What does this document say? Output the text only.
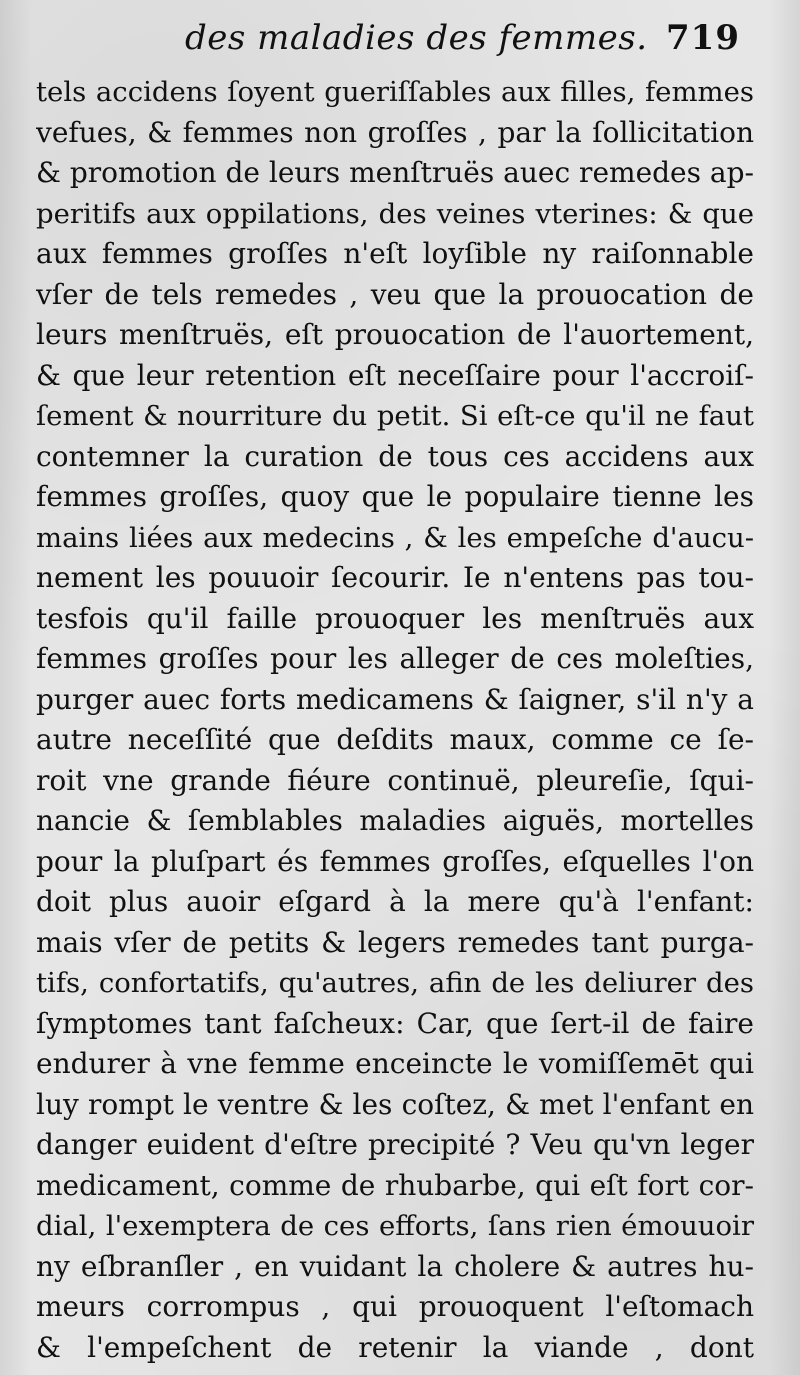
des maladies des femmes. 719
tels accidens ſoyent gueriſſables aux filles, femmes
vefues, & femmes non groſſes , par la ſollicitation
& promotion de leurs menſtruës auec remedes ap-
peritifs aux oppilations, des veines vterines: & que
aux femmes groſſes n'eſt loyſible ny raiſonnable
vſer de tels remedes , veu que la prouocation de
leurs menſtruës, eſt prouocation de l'auortement,
& que leur retention eſt neceſſaire pour l'accroiſ-
ſement & nourriture du petit. Si eſt-ce qu'il ne faut
contemner la curation de tous ces accidens aux
femmes groſſes, quoy que le populaire tienne les
mains liées aux medecins , & les empeſche d'aucu-
nement les pouuoir ſecourir. Ie n'entens pas tou-
tesfois qu'il faille prouoquer les menſtruës aux
femmes groſſes pour les alleger de ces moleſties,
purger auec forts medicamens & ſaigner, s'il n'y a
autre neceſſité que deſdits maux, comme ce ſe-
roit vne grande fiéure continuë, pleureſie, ſqui-
nancie & ſemblables maladies aiguës, mortelles
pour la pluſpart és femmes groſſes, eſquelles l'on
doit plus auoir eſgard à la mere qu'à l'enfant:
mais vſer de petits & legers remedes tant purga-
tifs, confortatifs, qu'autres, afin de les deliurer des
ſymptomes tant faſcheux: Car, que ſert-il de faire
endurer à vne femme enceincte le vomiſſemēt qui
luy rompt le ventre & les coſtez, & met l'enfant en
danger euident d'eſtre precipité ? Veu qu'vn leger
medicament, comme de rhubarbe, qui eſt fort cor-
dial, l'exemptera de ces efforts, ſans rien émouuoir
ny eſbranſler , en vuidant la cholere & autres hu-
meurs corrompus , qui prouoquent l'eſtomach
& l'empeſchent de retenir la viande , dont
